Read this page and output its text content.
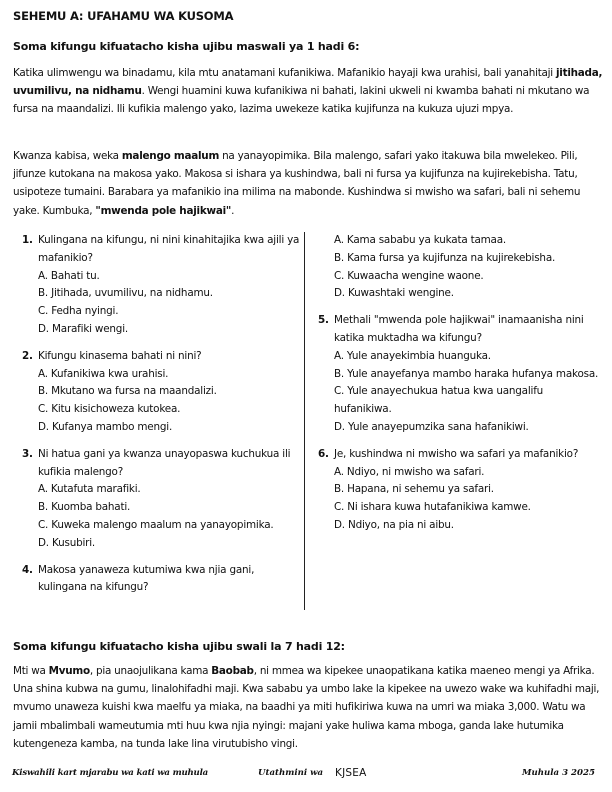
SEHEMU A: UFAHAMU WA KUSOMA
Soma kifungu kifuatacho kisha ujibu maswali ya 1 hadi 6:

Katika ulimwengu wa binadamu, kila mtu anatamani kufanikiwa. Mafanikio hayaji kwa urahisi, bali yanahitaji jitihada, uvumilivu, na nidhamu. Wengi huamini kuwa kufanikiwa ni bahati, lakini ukweli ni kwamba bahati ni mkutano wa fursa na maandalizi. Ili kufikia malengo yako, lazima uwekeze katika kujifunza na kukuza ujuzi mpya.

Kwanza kabisa, weka malengo maalum na yanayopimika. Bila malengo, safari yako itakuwa bila mwelekeo. Pili, jifunze kutokana na makosa yako. Makosa si ishara ya kushindwa, bali ni fursa ya kujifunza na kujirekebisha. Tatu, usipoteze tumaini. Barabara ya mafanikio ina milima na mabonde. Kushindwa si mwisho wa safari, bali ni sehemu yake. Kumbuka, "mwenda pole hajikwai".

1. Kulingana na kifungu, ni nini kinahitajika kwa ajili ya mafanikio?
A. Bahati tu.
B. Jitihada, uvumilivu, na nidhamu.
C. Fedha nyingi.
D. Marafiki wengi.
2. Kifungu kinasema bahati ni nini?
A. Kufanikiwa kwa urahisi.
B. Mkutano wa fursa na maandalizi.
C. Kitu kisichoweza kutokea.
D. Kufanya mambo mengi.
3. Ni hatua gani ya kwanza unayopaswa kuchukua ili kufikia malengo?
A. Kutafuta marafiki.
B. Kuomba bahati.
C. Kuweka malengo maalum na yanayopimika.
D. Kusubiri.
4. Makosa yanaweza kutumiwa kwa njia gani, kulingana na kifungu?
A. Kama sababu ya kukata tamaa.
B. Kama fursa ya kujifunza na kujirekebisha.
C. Kuwaacha wengine waone.
D. Kuwashtaki wengine.
5. Methali "mwenda pole hajikwai" inamaanisha nini katika muktadha wa kifungu?
A. Yule anayekimbia huanguka.
B. Yule anayefanya mambo haraka hufanya makosa.
C. Yule anayechukua hatua kwa uangalifu hufanikiwa.
D. Yule anayepumzika sana hafanikiwi.
6. Je, kushindwa ni mwisho wa safari ya mafanikio?
A. Ndiyo, ni mwisho wa safari.
B. Hapana, ni sehemu ya safari.
C. Ni ishara kuwa hutafanikiwa kamwe.
D. Ndiyo, na pia ni aibu.
Soma kifungu kifuatacho kisha ujibu swali la 7 hadi 12:

Mti wa Mvumo, pia unaojulikana kama Baobab, ni mmea wa kipekee unaopatikana katika maeneo mengi ya Afrika. Una shina kubwa na gumu, linalohifadhi maji. Kwa sababu ya umbo lake la kipekee na uwezo wake wa kuhifadhi maji, mvumo unaweza kuishi kwa maelfu ya miaka, na baadhi ya miti hufikiriwa kuwa na umri wa miaka 3,000. Watu wa jamii mbalimbali wameutumia mti huu kwa njia nyingi: majani yake huliwa kama mboga, ganda lake hutumika kutengeneza kamba, na tunda lake lina virutubisho vingi.

Kiswahili kart mjarabu wa kati wa muhula	Utathmini wa KJSEA	Muhula 3 2025
